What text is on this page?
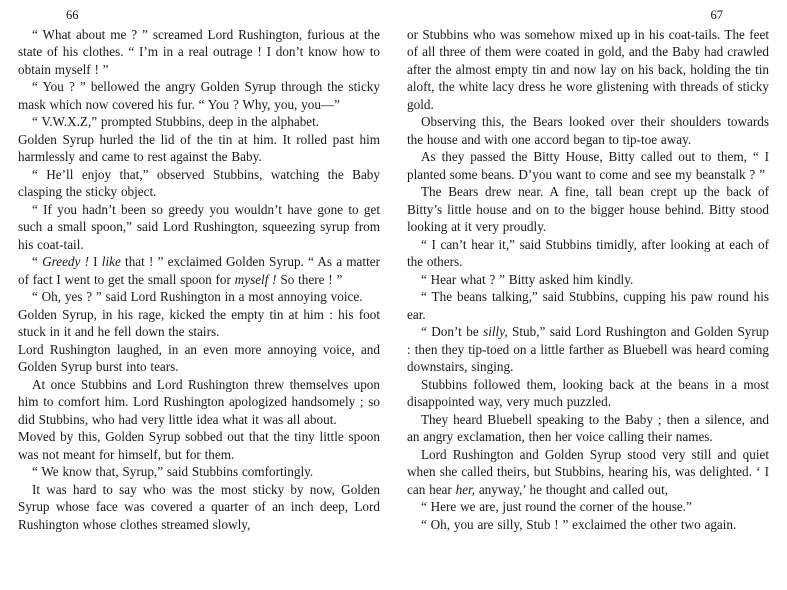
66	67

“ What about me ? ” screamed Lord Rushington, furious at the state of his clothes. “ I’m in a real outrage ! I don’t know how to obtain myself ! ”

“ You ? ” bellowed the angry Golden Syrup through the sticky mask which now covered his fur. “ You ? Why, you, you—”

“ V.W.X.Z,” prompted Stubbins, deep in the alphabet.

Golden Syrup hurled the lid of the tin at him. It rolled past him harmlessly and came to rest against the Baby.

“ He’ll enjoy that,” observed Stubbins, watching the Baby clasping the sticky object.

“ If you hadn’t been so greedy you wouldn’t have gone to get such a small spoon,” said Lord Rushington, squeezing syrup from his coat-tail.

“ Greedy ! I like that ! ” exclaimed Golden Syrup. “ As a matter of fact I went to get the small spoon for myself ! So there ! ”

“ Oh, yes ? ” said Lord Rushington in a most annoying voice.

Golden Syrup, in his rage, kicked the empty tin at him : his foot stuck in it and he fell down the stairs.

Lord Rushington laughed, in an even more annoying voice, and Golden Syrup burst into tears.

At once Stubbins and Lord Rushington threw themselves upon him to comfort him. Lord Rushington apologized handsomely ; so did Stubbins, who had very little idea what it was all about.

Moved by this, Golden Syrup sobbed out that the tiny little spoon was not meant for himself, but for them.

“ We know that, Syrup,” said Stubbins comfortingly.

It was hard to say who was the most sticky by now, Golden Syrup whose face was covered a quarter of an inch deep, Lord Rushington whose clothes streamed slowly,

or Stubbins who was somehow mixed up in his coat-tails. The feet of all three of them were coated in gold, and the Baby had crawled after the almost empty tin and now lay on his back, holding the tin aloft, the white lacy dress he wore glistening with threads of sticky gold.

Observing this, the Bears looked over their shoulders towards the house and with one accord began to tip-toe away.

As they passed the Bitty House, Bitty called out to them, “ I planted some beans. D’you want to come and see my beanstalk ? ”

The Bears drew near. A fine, tall bean crept up the back of Bitty’s little house and on to the bigger house behind. Bitty stood looking at it very proudly.

“ I can’t hear it,” said Stubbins timidly, after looking at each of the others.

“ Hear what ? ” Bitty asked him kindly.

“ The beans talking,” said Stubbins, cupping his paw round his ear.

“ Don’t be silly, Stub,” said Lord Rushington and Golden Syrup : then they tip-toed on a little farther as Bluebell was heard coming downstairs, singing.

Stubbins followed them, looking back at the beans in a most disappointed way, very much puzzled.

They heard Bluebell speaking to the Baby ; then a silence, and an angry exclamation, then her voice calling their names.

Lord Rushington and Golden Syrup stood very still and quiet when she called theirs, but Stubbins, hearing his, was delighted. ‘ I can hear her, anyway,’ he thought and called out,

“ Here we are, just round the corner of the house.”

“ Oh, you are silly, Stub ! ” exclaimed the other two again.
